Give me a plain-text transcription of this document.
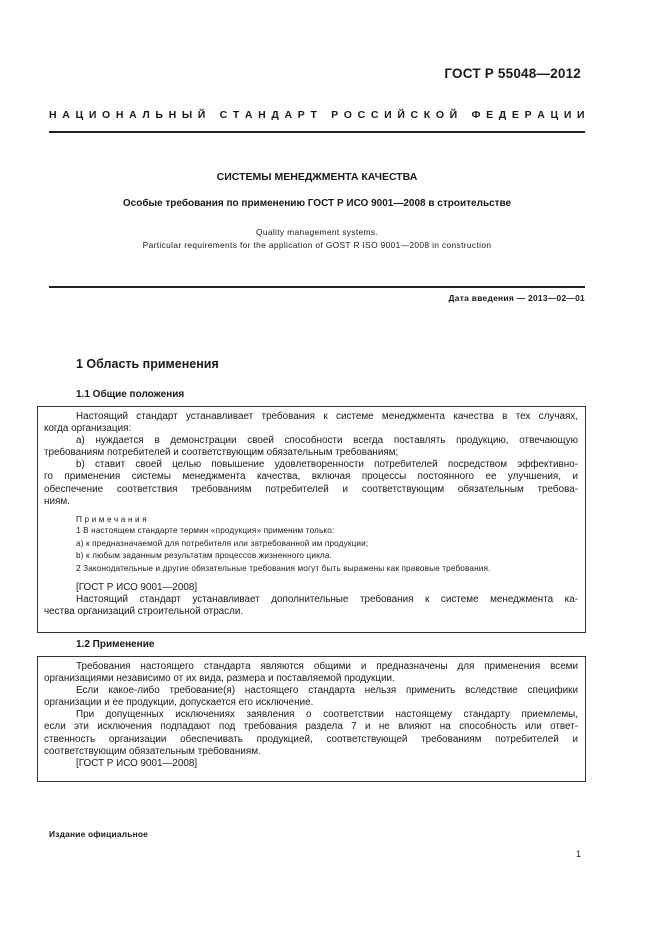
ГОСТ Р 55048—2012
Н А Ц И О Н А Л Ь Н Ы Й
С Т А Н Д А Р Т
Р О С С И Й С К О Й
Ф Е Д Е Р А Ц И И
СИСТЕМЫ МЕНЕДЖМЕНТА КАЧЕСТВА
Особые требования по применению ГОСТ Р ИСО 9001—2008 в строительстве
Quality management systems.
Particular requirements for the application of GOST R ISO 9001—2008 in construction
Дата введения — 2013—02—01
1 Область применения
1.1 Общие положения
Настоящий стандарт устанавливает требования к системе менеджмента качества в тех случаях,
когда организация:
а) нуждается в демонстрации своей способности всегда поставлять продукцию, отвечающую
требованиям потребителей и соответствующим обязательным требованиям;
b) ставит своей целью повышение удовлетворенности потребителей посредством эффективно-
го применения системы менеджмента качества, включая процессы постоянного ее улучшения, и
обеспечение соответствия требованиям потребителей и соответствующим обязательным требова-
ниям.
Примечания
1 В настоящем стандарте термин «продукция» применим только:
а) к предназначаемой для потребителя или затребованной им продукции;
b) к любым заданным результатам процессов жизненного цикла.
2 Законодательные и другие обязательные требования могут быть выражены как правовые требования.
[ГОСТ Р ИСО 9001—2008]
Настоящий стандарт устанавливает дополнительные требования к системе менеджмента ка-
чества организаций строительной отрасли.
1.2 Применение
Требования настоящего стандарта являются общими и предназначены для применения всеми
организациями независимо от их вида, размера и поставляемой продукции.
Если какое-либо требование(я) настоящего стандарта нельзя применить вследствие специфики
организации и ее продукции, допускается его исключение.
При допущенных исключениях заявления о соответствии настоящему стандарту приемлемы,
если эти исключения подпадают под требования раздела 7 и не влияют на способность или ответ-
ственность организации обеспечивать продукцией, соответствующей требованиям потребителей и
соответствующим обязательным требованиям.
[ГОСТ Р ИСО 9001—2008]
Издание официальное
1
